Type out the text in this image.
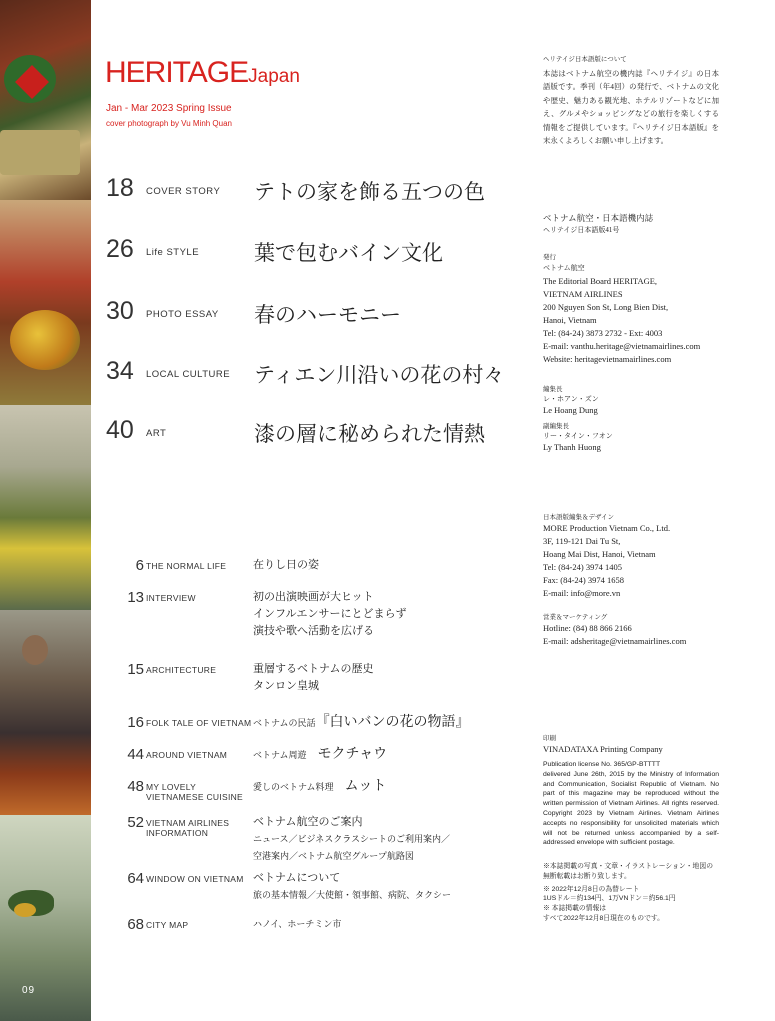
09
HERITAGEJapan
Jan - Mar 2023 Spring Issue
cover photograph by Vu Minh Quan
18 COVER STORY テトの家を飾る五つの色
26 Life STYLE	葉で包むバイン文化
30 PHOTO ESSAY 春のハーモニー
34 LOCAL CULTURE ティエン川沿いの花の村々
40 ART	漆の層に秘められた情熱
6 THE NORMAL LIFE 在りし日の姿
13 INTERVIEW	初の出演映画が大ヒット
インフルエンサーにとどまらず
演技や歌へ活動を広げる
15 ARCHITECTURE	重層するベトナムの歴史
タンロン皇城
16 FOLK TALE OF VIETNAM ベトナムの民話『白いバンの花の物語』
44 AROUND VIETNAM	ベトナム周遊　 モクチャウ
48 MY LOVELY
VIETNAMESE CUISINE
愛しのベトナム料理　 ムット
52 VIETNAM AIRLINES
INFORMATION
ベトナム航空のご案内
ニュース／ビジネスクラスシートのご利用案内／
空港案内／ベトナム航空グループ航路図
64 WINDOW ON VIETNAM ベトナムについて
旅の基本情報／大使館・領事館、病院、タクシー
68 CITY MAP	ハノイ、ホーチミン市
ヘリテイジ日本語版について
本誌はベトナム航空の機内誌『ヘリテイジ』の日本語版です。季刊（年4回）の発行で、ベトナムの文化や歴史、魅力ある観光地、ホテルリゾートなどに加え、グルメやショッピングなどの旅行を楽しくする情報をご提供しています。『ヘリテイジ日本語版』を末永くよろしくお願い申し上げます。
ベトナム航空・日本語機内誌
ヘリテイジ日本語版41号
発行
ベトナム航空
The Editorial Board HERITAGE,
VIETNAM AIRLINES
200 Nguyen Son St, Long Bien Dist,
Hanoi, Vietnam
Tel: (84-24) 3873 2732 - Ext: 4003
E-mail: vanthu.heritage@vietnamairlines.com
Website: heritagevietnamairlines.com
編集長
レ・ホアン・ズン
Le Hoang Dung
副編集長
リー・タイン・フオン
Ly Thanh Huong
日本語版編集＆デザイン
MORE Production Vietnam Co., Ltd.
3F, 119-121 Dai Tu St,
Hoang Mai Dist, Hanoi, Vietnam
Tel: (84-24) 3974 1405
Fax: (84-24) 3974 1658
E-mail: info@more.vn
営業＆マーケティング
Hotline: (84) 88 866 2166
E-mail: adsheritage@vietnamairlines.com
印刷
VINADATAXA Printing Company
Publication license No. 365/GP-BTTTT
delivered June 26th, 2015 by the Ministry of Information and Communication, Socialist Republic of Vietnam. No part of this magazine may be reproduced without the written permission of Vietnam Airlines. All rights reserved. Copyright 2023 by Vietnam Airlines. Vietnam Airlines accepts no responsibility for unsolicited materials which will not be returned unless accompanied by a self-addressed envelope with sufficient postage.
※本誌掲載の写真・文章・イラストレーション・地図の無断転載はお断り致します。
※ 2022年12月8日の為替レート
1USドル＝約134円、1万VNドン＝約56.1円
※ 本誌掲載の情報は
すべて2022年12月8日現在のものです。
